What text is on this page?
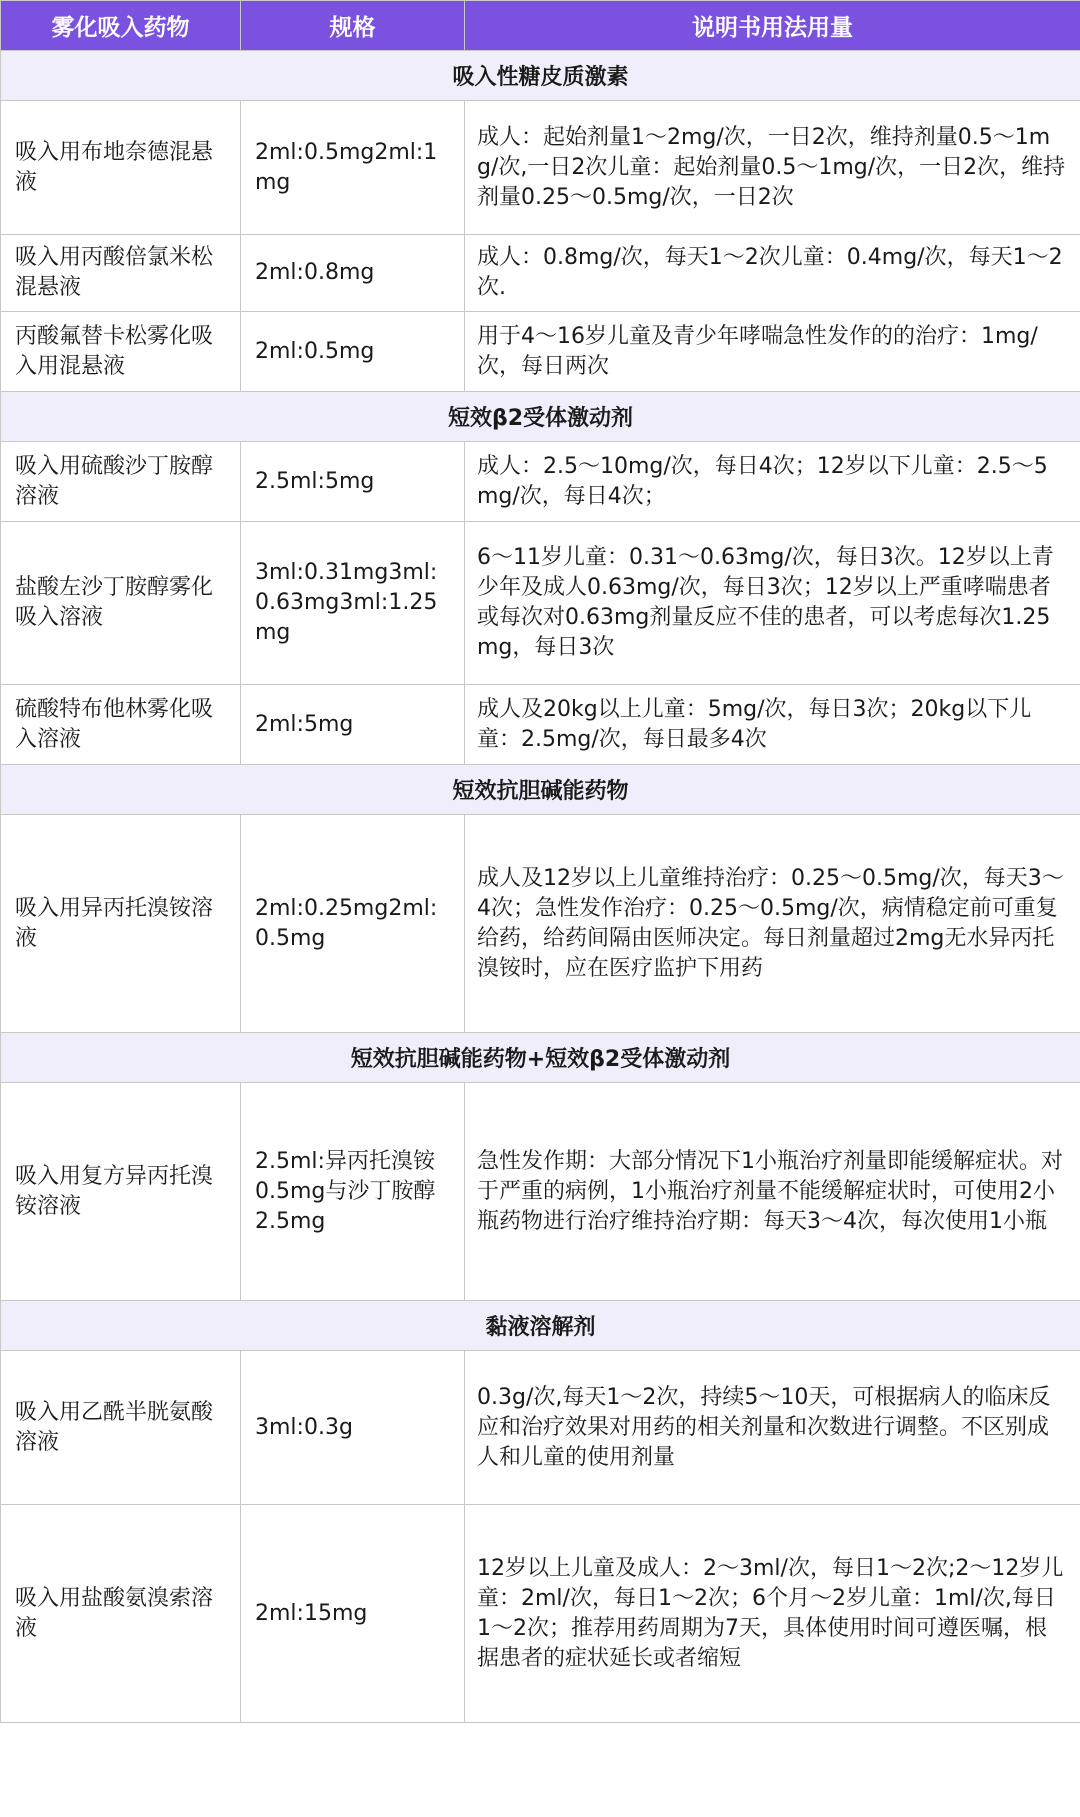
雾化吸入药物	规格	说明书用法用量
吸入性糖皮质激素		
吸入用布地奈德混悬液	2ml:0.5mg2ml:1mg	成人：起始剂量1～2mg/次，一日2次，维持剂量0.5～1mg/次,一日2次儿童：起始剂量0.5～1mg/次，一日2次，维持剂量0.25～0.5mg/次，一日2次
吸入用丙酸倍氯米松混悬液	2ml:0.8mg	成人：0.8mg/次，每天1～2次儿童：0.4mg/次，每天1～2次.
丙酸氟替卡松雾化吸入用混悬液	2ml:0.5mg	用于4～16岁儿童及青少年哮喘急性发作的的治疗：1mg/次，每日两次
短效β2受体激动剂		
吸入用硫酸沙丁胺醇溶液	2.5ml:5mg	成人：2.5～10mg/次，每日4次；12岁以下儿童：2.5～5mg/次，每日4次；
盐酸左沙丁胺醇雾化吸入溶液	3ml:0.31mg3ml:0.63mg3ml:1.25mg	6～11岁儿童：0.31～0.63mg/次，每日3次。12岁以上青少年及成人0.63mg/次，每日3次；12岁以上严重哮喘患者或每次对0.63mg剂量反应不佳的患者，可以考虑每次1.25mg，每日3次
硫酸特布他林雾化吸入溶液	2ml:5mg	成人及20kg以上儿童：5mg/次，每日3次；20kg以下儿童：2.5mg/次，每日最多4次
短效抗胆碱能药物		
吸入用异丙托溴铵溶液	2ml:0.25mg2ml:0.5mg	成人及12岁以上儿童维持治疗：0.25～0.5mg/次，每天3～4次；急性发作治疗：0.25～0.5mg/次，病情稳定前可重复给药，给药间隔由医师决定。每日剂量超过2mg无水异丙托溴铵时，应在医疗监护下用药
短效抗胆碱能药物+短效β2受体激动剂		
吸入用复方异丙托溴铵溶液	2.5ml:异丙托溴铵0.5mg与沙丁胺醇2.5mg	急性发作期：大部分情况下1小瓶治疗剂量即能缓解症状。对于严重的病例，1小瓶治疗剂量不能缓解症状时，可使用2小瓶药物进行治疗维持治疗期：每天3～4次，每次使用1小瓶
黏液溶解剂		
吸入用乙酰半胱氨酸溶液	3ml:0.3g	0.3g/次,每天1～2次，持续5～10天，可根据病人的临床反应和治疗效果对用药的相关剂量和次数进行调整。不区别成人和儿童的使用剂量
吸入用盐酸氨溴索溶液	2ml:15mg	12岁以上儿童及成人：2～3ml/次，每日1～2次;2～12岁儿童：2ml/次，每日1～2次；6个月～2岁儿童：1ml/次,每日1～2次；推荐用药周期为7天，具体使用时间可遵医嘱，根据患者的症状延长或者缩短
